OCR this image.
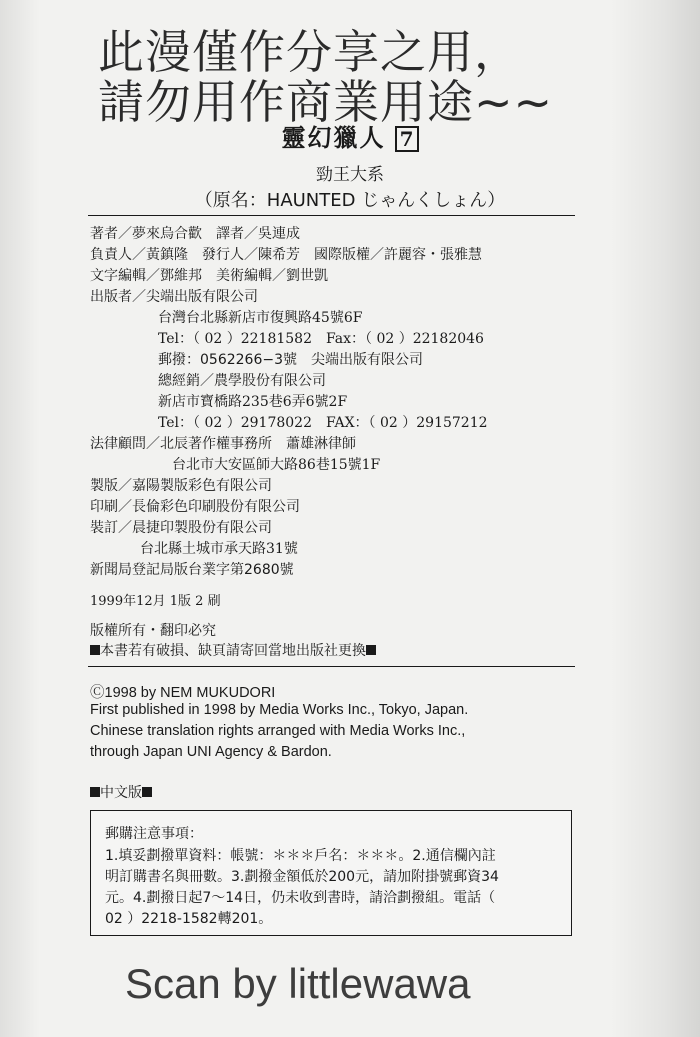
此漫僅作分享之用，
請勿用作商業用途~~
靈幻獵人 7
勁王大系
（原名：HAUNTED じゃんくしょん）
著者／夢來烏合歡　譯者／吳連成
負責人／黃鎮隆　發行人／陳希芳　國際版權／許麗容・張雅慧
文字編輯／鄧維邦　美術編輯／劉世凱
出版者／尖端出版有限公司
台灣台北縣新店市復興路45號6F
Tel：（ 02 ）22181582　Fax：（ 02 ）22182046
郵撥：0562266−3號　尖端出版有限公司
總經銷／農學股份有限公司
新店市寶橋路235巷6弄6號2F
Tel：（ 02 ）29178022　FAX：（ 02 ）29157212
法律顧問／北辰著作權事務所　蕭雄淋律師
台北市大安區師大路86巷15號1F
製版／嘉陽製版彩色有限公司
印刷／長倫彩色印刷股份有限公司
裝訂／晨捷印製股份有限公司
台北縣土城市承天路31號
新聞局登記局版台業字第2680號
1999年12月 1版 2 刷
版權所有・翻印必究
本書若有破損、缺頁請寄回當地出版社更換
Ⓒ1998 by NEM MUKUDORI
First published in 1998 by Media Works Inc., Tokyo, Japan.
Chinese translation rights arranged with Media Works Inc.,
through Japan UNI Agency & Bardon.
中文版
郵購注意事項：
1.填妥劃撥單資料：帳號：＊＊＊戶名：＊＊＊。2.通信欄內註
明訂購書名與冊數。3.劃撥金額低於200元，請加附掛號郵資34
元。4.劃撥日起7〜14日，仍未收到書時，請洽劃撥組。電話（
02 ）2218-1582轉201。
Scan by littlewawa
